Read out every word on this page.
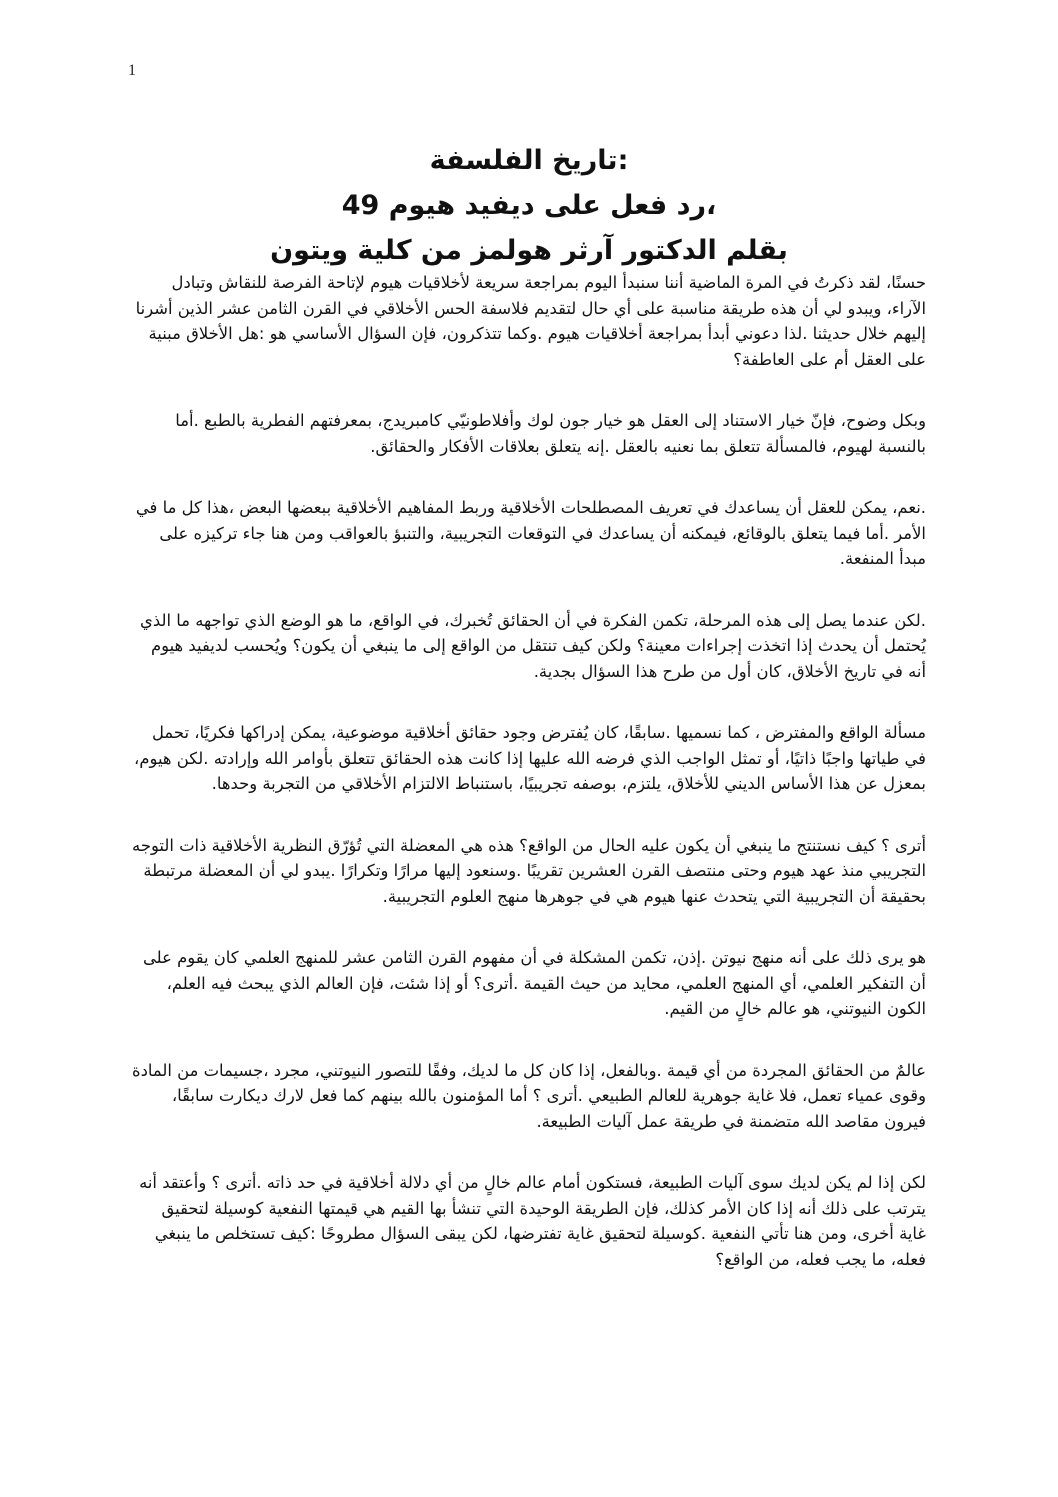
1
:تاريخ الفلسفة
،رد فعل على ديفيد هيوم 49
بقلم الدكتور آرثر هولمز من كلية ويتون

حسنًا، لقد ذكرتُ في المرة الماضية أننا سنبدأ اليوم بمراجعة سريعة لأخلاقيات هيوم لإتاحة الفرصة للنقاش وتبادل الآراء، ويبدو لي أن هذه طريقة مناسبة على أي حال لتقديم فلاسفة الحس الأخلاقي في القرن الثامن عشر الذين أشرنا إليهم خلال حديثنا .لذا دعوني أبدأ بمراجعة أخلاقيات هيوم .وكما تتذكرون، فإن السؤال الأساسي هو :هل الأخلاق مبنية على العقل أم على العاطفة؟

وبكل وضوح، فإنّ خيار الاستناد إلى العقل هو خيار جون لوك وأفلاطونيّي كامبريدج، بمعرفتهم الفطرية بالطبع .أما بالنسبة لهيوم، فالمسألة تتعلق بما نعنيه بالعقل .إنه يتعلق بعلاقات الأفكار والحقائق.

.نعم، يمكن للعقل أن يساعدك في تعريف المصطلحات الأخلاقية وربط المفاهيم الأخلاقية ببعضها البعض ،هذا كل ما في الأمر .أما فيما يتعلق بالوقائع، فيمكنه أن يساعدك في التوقعات التجريبية، والتنبؤ بالعواقب ومن هنا جاء تركيزه على مبدأ المنفعة.

.لكن عندما يصل إلى هذه المرحلة، تكمن الفكرة في أن الحقائق تُخبرك، في الواقع، ما هو الوضع الذي تواجهه ما الذي يُحتمل أن يحدث إذا اتخذت إجراءات معينة؟ ولكن كيف تنتقل من الواقع إلى ما ينبغي أن يكون؟ ويُحسب لديفيد هيوم أنه في تاريخ الأخلاق، كان أول من طرح هذا السؤال بجدية.

مسألة الواقع والمفترض ، كما نسميها .سابقًا، كان يُفترض وجود حقائق أخلاقية موضوعية، يمكن إدراكها فكريًا، تحمل في طياتها واجبًا ذاتيًا، أو تمثل الواجب الذي فرضه الله عليها إذا كانت هذه الحقائق تتعلق بأوامر الله وإرادته .لكن هيوم، بمعزل عن هذا الأساس الديني للأخلاق، يلتزم، بوصفه تجريبيًا، باستنباط الالتزام الأخلاقي من التجربة وحدها.

أترى ؟ كيف نستنتج ما ينبغي أن يكون عليه الحال من الواقع؟ هذه هي المعضلة التي تُؤرّق النظرية الأخلاقية ذات التوجه التجريبي منذ عهد هيوم وحتى منتصف القرن العشرين تقريبًا .وسنعود إليها مرارًا وتكرارًا .يبدو لي أن المعضلة مرتبطة بحقيقة أن التجريبية التي يتحدث عنها هيوم هي في جوهرها منهج العلوم التجريبية.

هو يرى ذلك على أنه منهج نيوتن .إذن، تكمن المشكلة في أن مفهوم القرن الثامن عشر للمنهج العلمي كان يقوم على أن التفكير العلمي، أي المنهج العلمي، محايد من حيث القيمة .أترى؟ أو إذا شئت، فإن العالم الذي يبحث فيه العلم، الكون النيوتني، هو عالم خالٍ من القيم.

عالمٌ من الحقائق المجردة من أي قيمة .وبالفعل، إذا كان كل ما لديك، وفقًا للتصور النيوتني، مجرد ،جسيمات من المادة وقوى عمياء تعمل، فلا غاية جوهرية للعالم الطبيعي .أترى ؟ أما المؤمنون بالله بينهم كما فعل لارك ديكارت سابقًا، فيرون مقاصد الله متضمنة في طريقة عمل آليات الطبيعة.

لكن إذا لم يكن لديك سوى آليات الطبيعة، فستكون أمام عالم خالٍ من أي دلالة أخلاقية في حد ذاته .أترى ؟ وأعتقد أنه يترتب على ذلك أنه إذا كان الأمر كذلك، فإن الطريقة الوحيدة التي تنشأ بها القيم هي قيمتها النفعية كوسيلة لتحقيق غاية أخرى، ومن هنا تأتي النفعية .كوسيلة لتحقيق غاية تفترضها، لكن يبقى السؤال مطروحًا :كيف تستخلص ما ينبغي فعله، ما يجب فعله، من الواقع؟
